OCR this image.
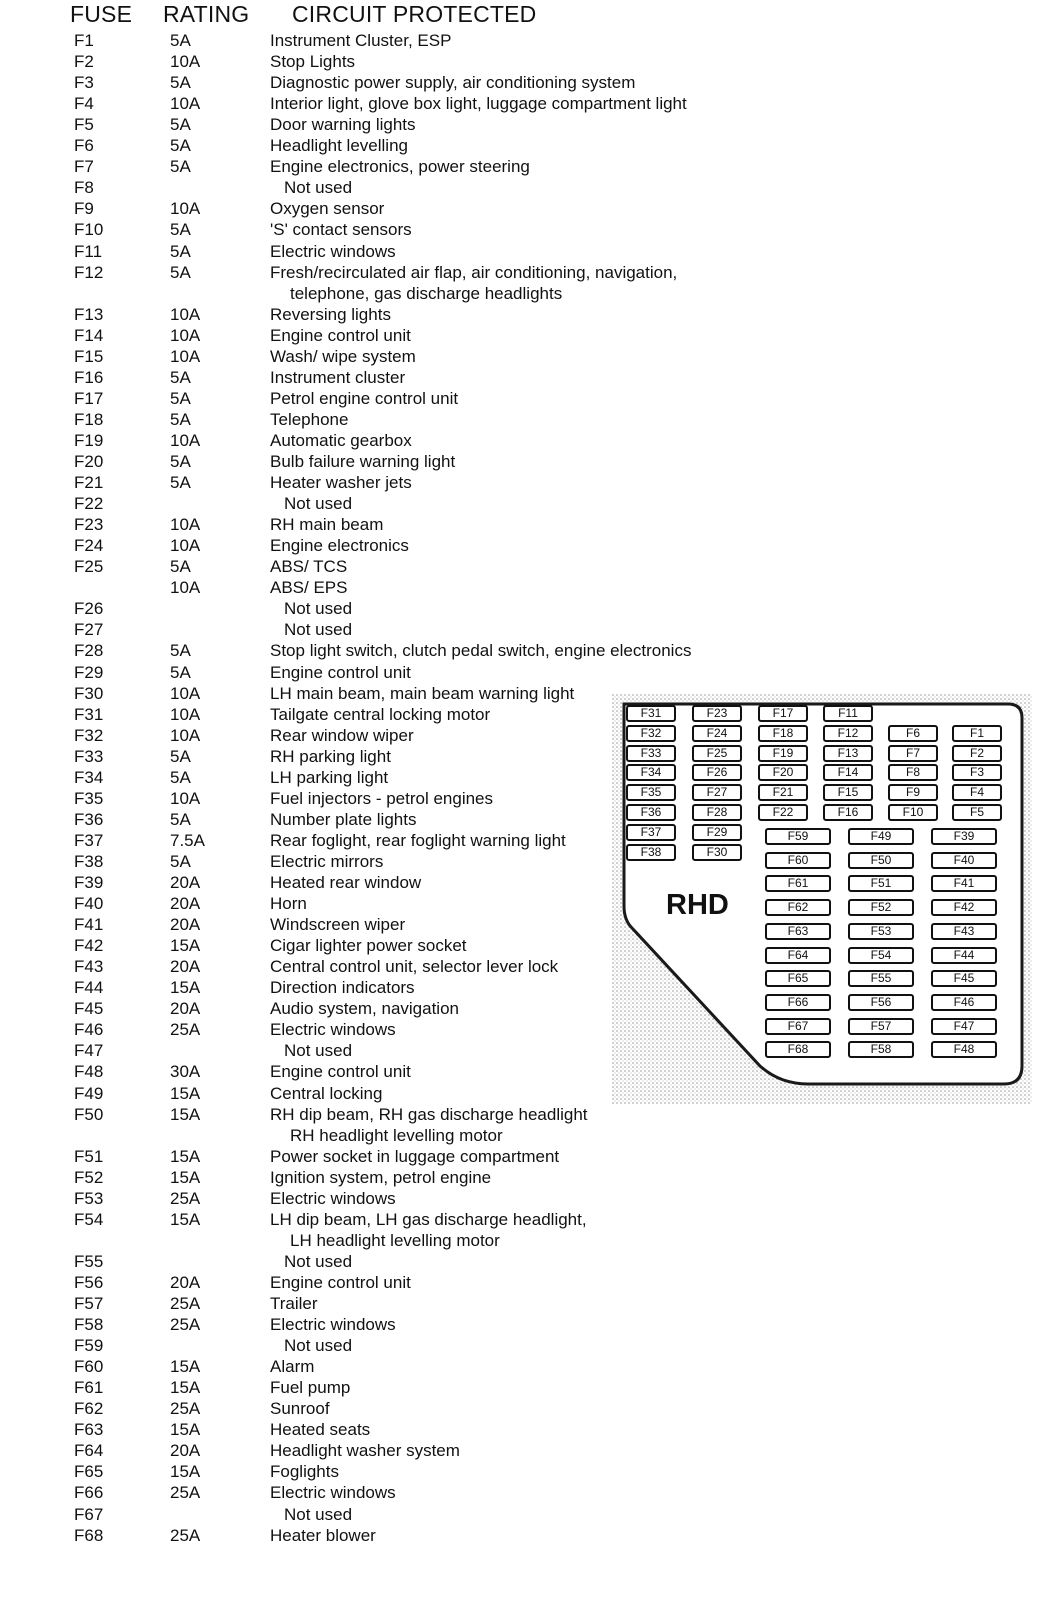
FUSE RATING CIRCUIT PROTECTED
F1	5A	Instrument Cluster, ESP
F2	10A	Stop Lights
F3	5A	Diagnostic power supply, air conditioning system
F4	10A	Interior light, glove box light, luggage compartment light
F5	5A	Door warning lights
F6	5A	Headlight levelling
F7	5A	Engine electronics, power steering
F8	Not used
F9	10A	Oxygen sensor
F10	5A	'S' contact sensors
F11	5A	Electric windows
F12	5A	Fresh/recirculated air flap, air conditioning, navigation,
telephone, gas discharge headlights
F13	10A	Reversing lights
F14	10A	Engine control unit
F15	10A	Wash/ wipe system
F16	5A	Instrument cluster
F17	5A	Petrol engine control unit
F18	5A	Telephone
F19	10A	Automatic gearbox
F20	5A	Bulb failure warning light
F21	5A	Heater washer jets
F22	Not used
F23	10A	RH main beam
F24	10A	Engine electronics
F25	5A	ABS/ TCS
10A	ABS/ EPS
F26	Not used
F27	Not used
F28	5A	Stop light switch, clutch pedal switch, engine electronics
F29	5A	Engine control unit
F30	10A	LH main beam, main beam warning light
F31	10A	Tailgate central locking motor
F32	10A	Rear window wiper
F33	5A	RH parking light
F34	5A	LH parking light
F35	10A	Fuel injectors - petrol engines
F36	5A	Number plate lights
F37	7.5A	Rear foglight, rear foglight warning light
F38	5A	Electric mirrors
F39	20A	Heated rear window
F40	20A	Horn
F41	20A	Windscreen wiper
F42	15A	Cigar lighter power socket
F43	20A	Central control unit, selector lever lock
F44	15A	Direction indicators
F45	20A	Audio system, navigation
F46	25A	Electric windows
F47	Not used
F48	30A	Engine control unit
F49	15A	Central locking
F50	15A	RH dip beam, RH gas discharge headlight
RH headlight levelling motor
F51	15A	Power socket in luggage compartment
F52	15A	Ignition system, petrol engine
F53	25A	Electric windows
F54	15A	LH dip beam, LH gas discharge headlight,
LH headlight levelling motor
F55	Not used
F56	20A	Engine control unit
F57	25A	Trailer
F58	25A	Electric windows
F59	Not used
F60	15A	Alarm
F61	15A	Fuel pump
F62	25A	Sunroof
F63	15A	Heated seats
F64	20A	Headlight washer system
F65	15A	Foglights
F66	25A	Electric windows
F67	Not used
F68	25A	Heater blower
RHD
F31
F32
F33
F34
F35
F36
F37
F38
F23
F24
F25
F26
F27
F28
F29
F30
F17
F18
F19
F20
F21
F22
F11
F12
F13
F14
F15
F16
F6
F7
F8
F9
F10
F1
F2
F3
F4
F5
F59
F60
F61
F62
F63
F64
F65
F66
F67
F68
F49
F50
F51
F52
F53
F54
F55
F56
F57
F58
F39
F40
F41
F42
F43
F44
F45
F46
F47
F48
